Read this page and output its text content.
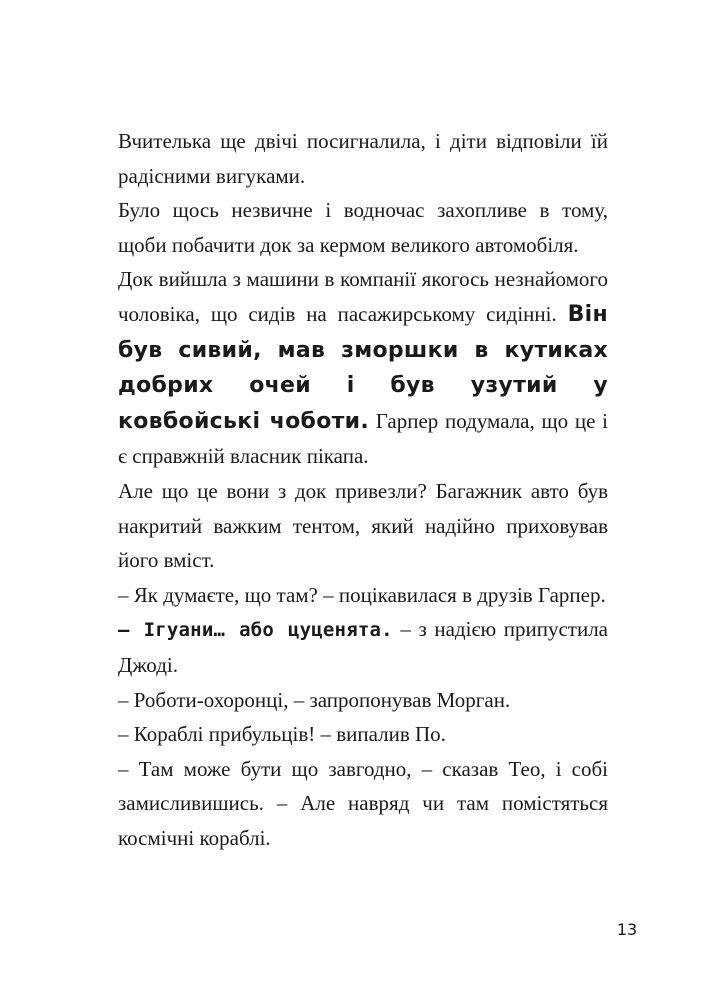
Вчителька ще двічі посигналила, і діти відповіли їй радісними вигуками.

Було щось незвичне і водночас захопливе в тому, щоби побачити док за кермом великого автомобіля.

Док вийшла з машини в компанії якогось незнайомого чоловіка, що сидів на пасажирському сидінні. Він був сивий, мав зморшки в кутиках добрих очей і був узутий у ковбойські чоботи. Гарпер подумала, що це і є справжній власник пікапа.

Але що це вони з док привезли? Багажник авто був накритий важким тентом, який надійно приховував його вміст.

– Як думаєте, що там? – поцікавилася в друзів Гарпер.

– Ігуани… або цуценята. – з надією припустила Джоді.

– Роботи-охоронці, – запропонував Морган.

– Кораблі прибульців! – випалив По.

– Там може бути що завгодно, – сказав Тео, і собі замисливишись. – Але навряд чи там помістяться космічні кораблі.

13
